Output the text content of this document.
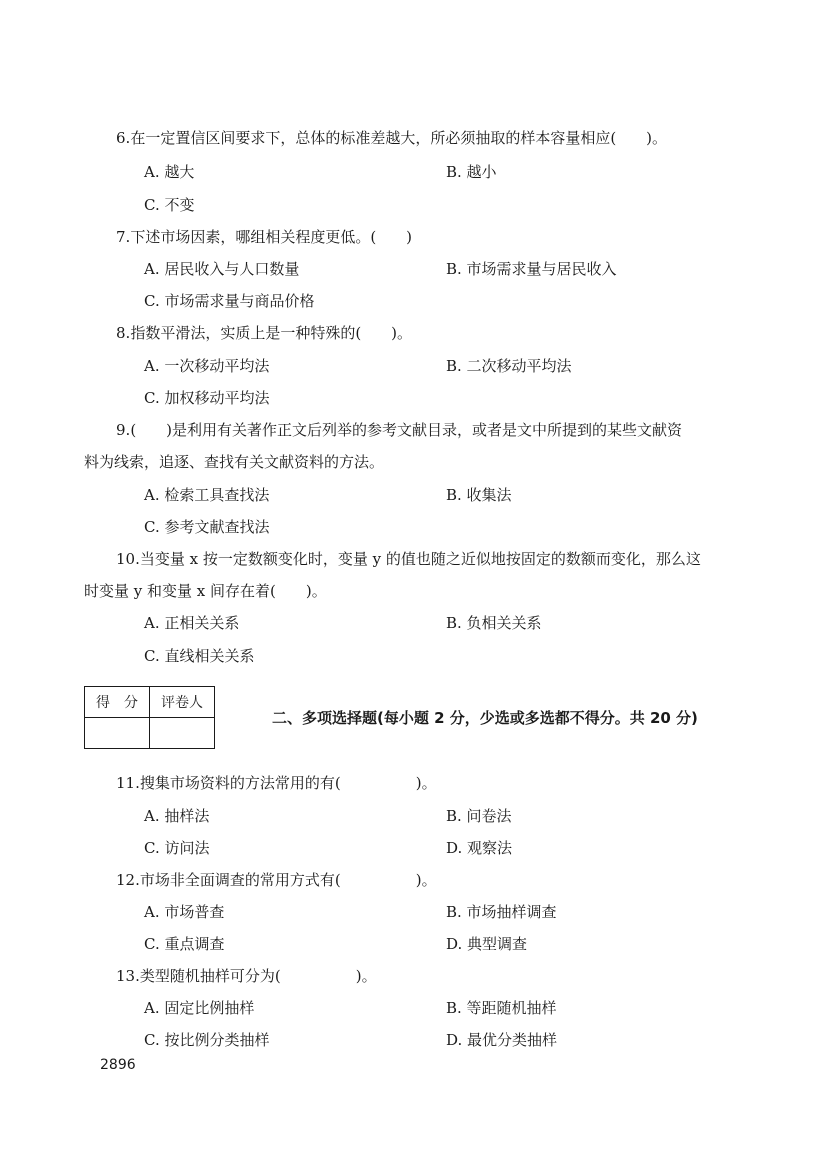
6.在一定置信区间要求下，总体的标准差越大，所必须抽取的样本容量相应(　　)。
A. 越大	B. 越小
C. 不变
7.下述市场因素，哪组相关程度更低。(　　)
A. 居民收入与人口数量	B. 市场需求量与居民收入
C. 市场需求量与商品价格
8.指数平滑法，实质上是一种特殊的(　　)。
A. 一次移动平均法	B. 二次移动平均法
C. 加权移动平均法
9.(　　)是利用有关著作正文后列举的参考文献目录，或者是文中所提到的某些文献资
料为线索，追逐、查找有关文献资料的方法。
A. 检索工具查找法	B. 收集法
C. 参考文献查找法
10.当变量 x 按一定数额变化时，变量 y 的值也随之近似地按固定的数额而变化，那么这
时变量 y 和变量 x 间存在着(　　)。
A. 正相关关系	B. 负相关关系
C. 直线相关关系
得　分	评卷人

二、多项选择题(每小题 2 分，少选或多选都不得分。共 20 分)
11.搜集市场资料的方法常用的有(　　　　　)。
A. 抽样法	B. 问卷法
C. 访问法	D. 观察法
12.市场非全面调查的常用方式有(　　　　　)。
A. 市场普查	B. 市场抽样调查
C. 重点调查	D. 典型调查
13.类型随机抽样可分为(　　　　　)。
A. 固定比例抽样	B. 等距随机抽样
C. 按比例分类抽样	D. 最优分类抽样
2896
